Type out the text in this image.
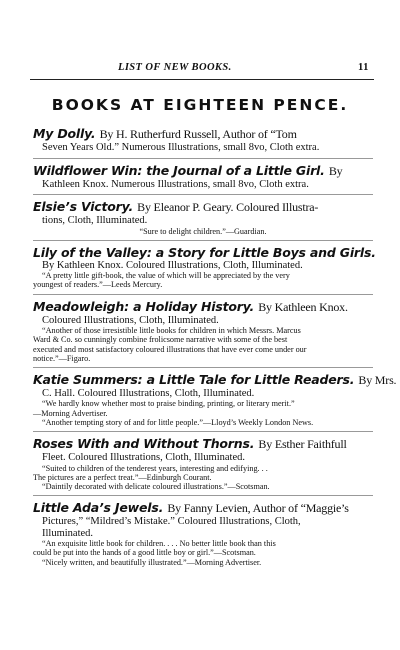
LIST OF NEW BOOKS.	11
BOOKS AT EIGHTEEN PENCE.
My Dolly. By H. Rutherfurd Russell, Author of “Tom
Seven Years Old.” Numerous Illustrations, small 8vo, Cloth extra.
Wildflower Win: the Journal of a Little Girl. By
Kathleen Knox. Numerous Illustrations, small 8vo, Cloth extra.
Elsie’s Victory. By Eleanor P. Geary. Coloured Illustra-
tions, Cloth, Illuminated.
“Sure to delight children.”—Guardian.
Lily of the Valley: a Story for Little Boys and Girls.
By Kathleen Knox. Coloured Illustrations, Cloth, Illuminated.
“A pretty little gift-book, the value of which will be appreciated by the very
youngest of readers.”—Leeds Mercury.
Meadowleigh: a Holiday History. By Kathleen Knox.
Coloured Illustrations, Cloth, Illuminated.
“Another of those irresistible little books for children in which Messrs. Marcus
Ward & Co. so cunningly combine frolicsome narrative with some of the best
executed and most satisfactory coloured illustrations that have ever come under our
notice.”—Figaro.
Katie Summers: a Little Tale for Little Readers. By Mrs.
C. Hall. Coloured Illustrations, Cloth, Illuminated.
“We hardly know whether most to praise binding, printing, or literary merit.”
—Morning Advertiser.
“Another tempting story of and for little people.”—Lloyd’s Weekly London News.
Roses With and Without Thorns. By Esther Faithfull
Fleet. Coloured Illustrations, Cloth, Illuminated.
“Suited to children of the tenderest years, interesting and edifying. . .
The pictures are a perfect treat.”—Edinburgh Courant.
“Daintily decorated with delicate coloured illustrations.”—Scotsman.
Little Ada’s Jewels. By Fanny Levien, Author of “Maggie’s
Pictures,” “Mildred’s Mistake.” Coloured Illustrations, Cloth,
Illuminated.
“An exquisite little book for children. . . . No better little book than this
could be put into the hands of a good little boy or girl.”—Scotsman.
“Nicely written, and beautifully illustrated.”—Morning Advertiser.
